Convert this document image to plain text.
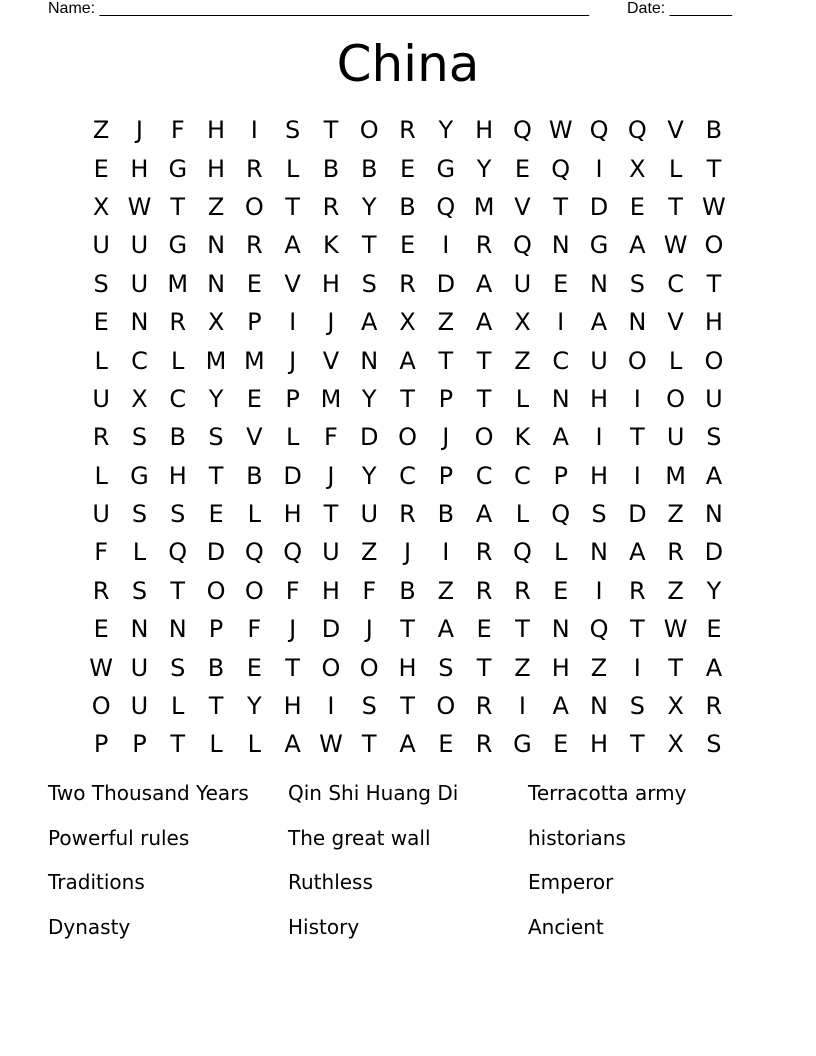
Name: _______________________________________________________ Date: _______
China
Z	J	F H	I	S T O R Y H Q W Q Q V B
E H G H R L B B E G Y E Q	I	X L	T
X W T Z O T R Y B Q M V T D E T W
U U G N R A K T E	I	R Q N G A W O
S U M N E V H S R D A U E N S C T
E N R X P	I	J	A X Z A X	I	A N V H
L C L M M	J	V N A T T Z C U O L O
U X C Y E P M Y T P T	L N H	I	O U
R S B S V L	F D O	J	O K A	I	T U S
L G H T B D	J	Y C P C C P H	I	M A
U S S E	L H T U R B A L Q S D Z N
F	L Q D Q Q U Z	J	I	R Q L N A R D
R S T O O F H F B Z R R E	I	R Z Y
E N N P	F	J	D	J	T A E T N Q T W E
W U S B E T O O H S T Z H Z	I	T A
O U L	T Y H	I	S T O R	I	A N S X R
P P T	L	L A W T A E R G E H T X S
Two Thousand Years	Qin Shi Huang Di	Terracotta army
Powerful rules	The great wall	historians
Traditions	Ruthless	Emperor
Dynasty	History	Ancient
